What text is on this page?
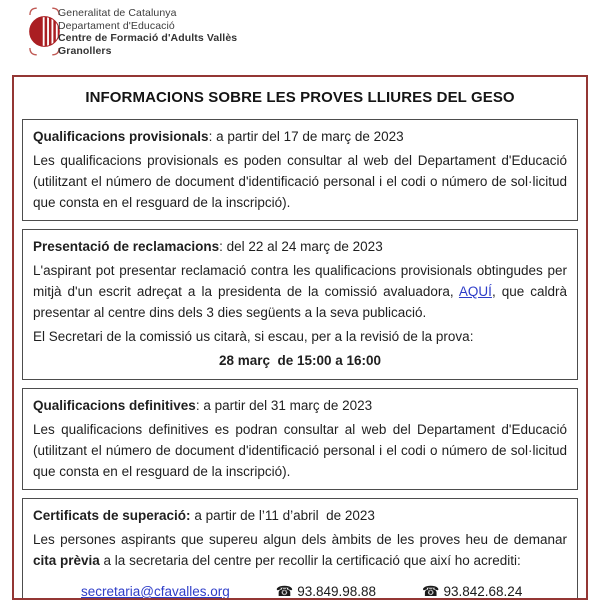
Generalitat de Catalunya
Departament d'Educació
Centre de Formació d'Adults Vallès
Granollers
INFORMACIONS SOBRE LES PROVES LLIURES DEL GESO
Qualificacions provisionals: a partir del 17 de març de 2023

Les qualificacions provisionals es poden consultar al web del Departament d'Educació (utilitzant el número de document d'identificació personal i el codi o número de sol·licitud que consta en el resguard de la inscripció).

Presentació de reclamacions: del 22 al 24 març de 2023

L'aspirant pot presentar reclamació contra les qualificacions provisionals obtingudes per mitjà d'un escrit adreçat a la presidenta de la comissió avaluadora, AQUÍ, que caldrà presentar al centre dins dels 3 dies següents a la seva publicació.

El Secretari de la comissió us citarà, si escau, per a la revisió de la prova:

28 març  de 15:00 a 16:00
Qualificacions definitives: a partir del 31 març de 2023

Les qualificacions definitives es podran consultar al web del Departament d'Educació (utilitzant el número de document d'identificació personal i el codi o número de sol·licitud que consta en el resguard de la inscripció).

Certificats de superació: a partir de l’11 d’abril  de 2023

Les persones aspirants que supereu algun dels àmbits de les proves heu de demanar cita prèvia a la secretaria del centre per recollir la certificació que així ho acrediti:

secretaria@cfavalles.org	☎ 93.849.98.88	☎ 93.842.68.24
